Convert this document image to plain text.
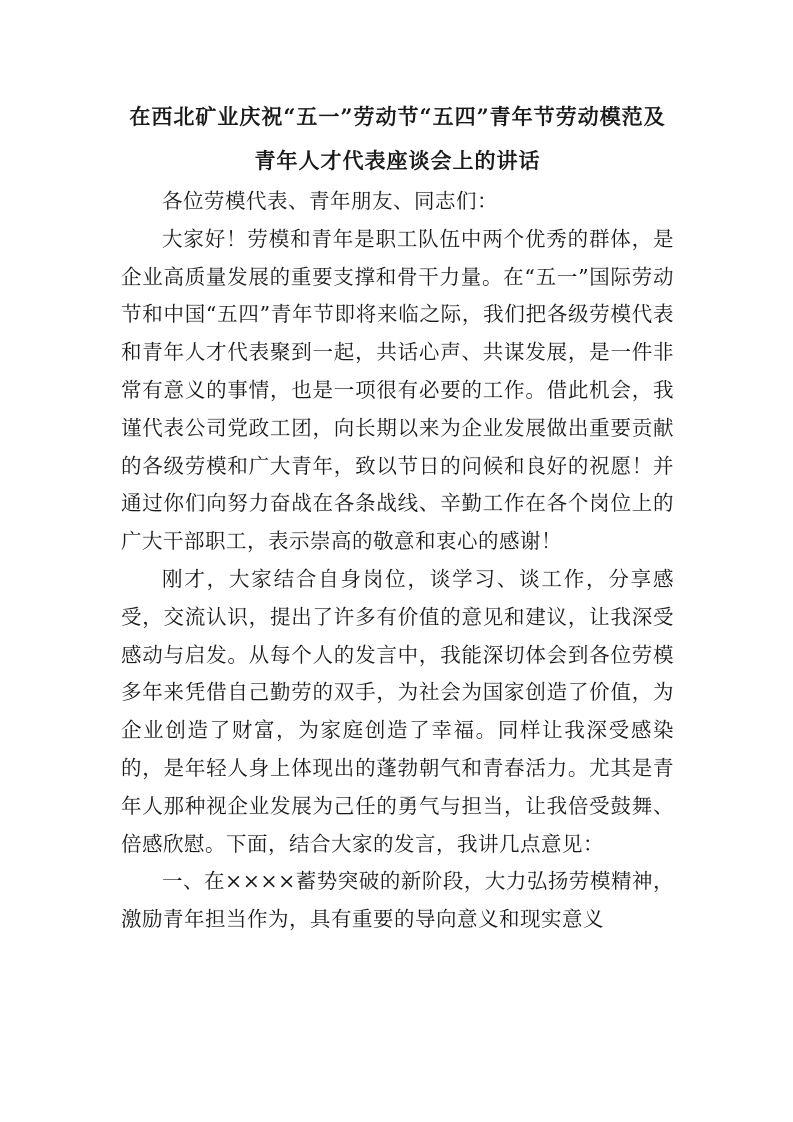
在西北矿业庆祝“五一”劳动节“五四”青年节劳动模范及
青年人才代表座谈会上的讲话

各位劳模代表、青年朋友、同志们：

大家好！劳模和青年是职工队伍中两个优秀的群体，是企业高质量发展的重要支撑和骨干力量。在“五一”国际劳动节和中国“五四”青年节即将来临之际，我们把各级劳模代表和青年人才代表聚到一起，共话心声、共谋发展，是一件非常有意义的事情，也是一项很有必要的工作。借此机会，我谨代表公司党政工团，向长期以来为企业发展做出重要贡献的各级劳模和广大青年，致以节日的问候和良好的祝愿！并通过你们向努力奋战在各条战线、辛勤工作在各个岗位上的广大干部职工，表示崇高的敬意和衷心的感谢！

刚才，大家结合自身岗位，谈学习、谈工作，分享感受，交流认识，提出了许多有价值的意见和建议，让我深受感动与启发。从每个人的发言中，我能深切体会到各位劳模多年来凭借自己勤劳的双手，为社会为国家创造了价值，为企业创造了财富，为家庭创造了幸福。同样让我深受感染的，是年轻人身上体现出的蓬勃朝气和青春活力。尤其是青年人那种视企业发展为己任的勇气与担当，让我倍受鼓舞、倍感欣慰。下面，结合大家的发言，我讲几点意见：

一、在××××蓄势突破的新阶段，大力弘扬劳模精神，激励青年担当作为，具有重要的导向意义和现实意义
